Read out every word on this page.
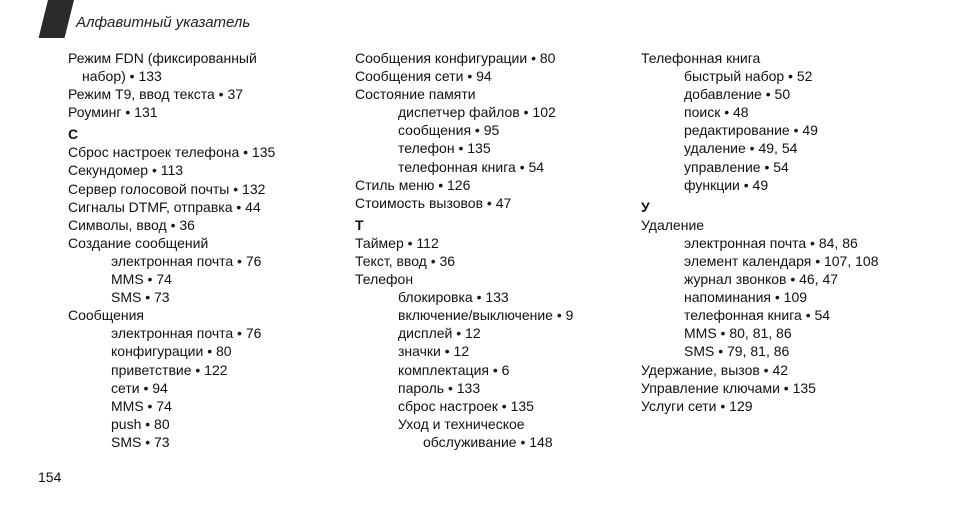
Алфавитный указатель
Режим FDN (фиксированный
набор) • 133
Режим T9, ввод текста • 37
Роуминг • 131
С
Сброс настроек телефона • 135
Секундомер • 113
Сервер голосовой почты • 132
Сигналы DTMF, отправка • 44
Символы, ввод • 36
Создание сообщений
электронная почта • 76
MMS • 74
SMS • 73
Сообщения
электронная почта • 76
конфигурации • 80
приветствие • 122
сети • 94
MMS • 74
push • 80
SMS • 73
Сообщения конфигурации • 80
Сообщения сети • 94
Состояние памяти
диспетчер файлов • 102
сообщения • 95
телефон • 135
телефонная книга • 54
Стиль меню • 126
Стоимость вызовов • 47
Т
Таймер • 112
Текст, ввод • 36
Телефон
блокировка • 133
включение/выключение • 9
дисплей • 12
значки • 12
комплектация • 6
пароль • 133
сброс настроек • 135
Уход и техническое
обслуживание • 148
Телефонная книга
быстрый набор • 52
добавление • 50
поиск • 48
редактирование • 49
удаление • 49, 54
управление • 54
функции • 49
У
Удаление
электронная почта • 84, 86
элемент календаря • 107, 108
журнал звонков • 46, 47
напоминания • 109
телефонная книга • 54
MMS • 80, 81, 86
SMS • 79, 81, 86
Удержание, вызов • 42
Управление ключами • 135
Услуги сети • 129
154
